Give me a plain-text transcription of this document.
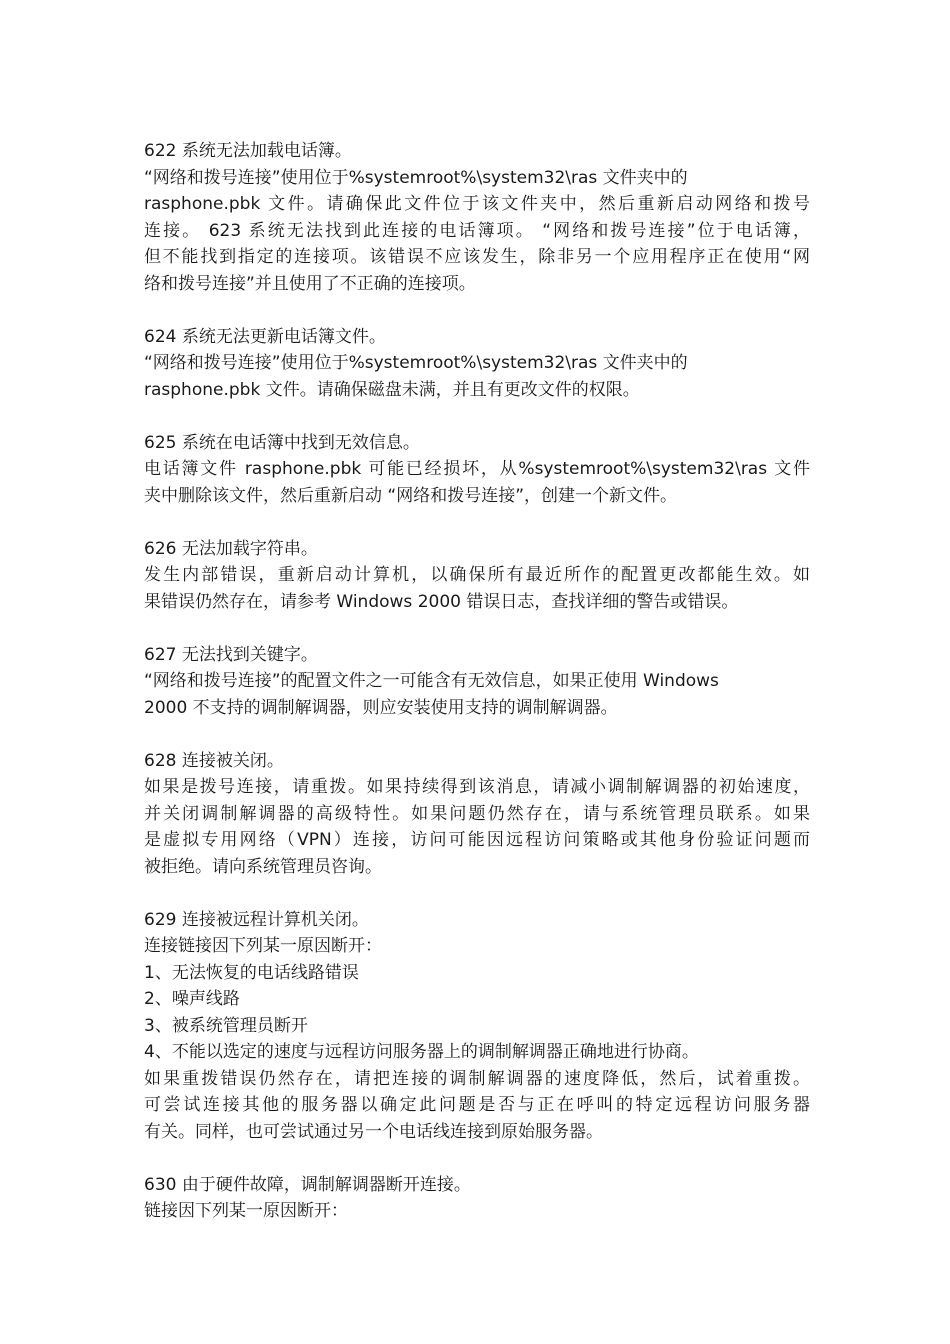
622 系统无法加载电话簿。
“网络和拨号连接”使用位于%systemroot%\system32\ras 文件夹中的
rasphone.pbk 文件。请确保此文件位于该文件夹中，然后重新启动网络和拨号
连接。 623 系统无法找到此连接的电话簿项。 “网络和拨号连接”位于电话簿，
但不能找到指定的连接项。该错误不应该发生，除非另一个应用程序正在使用“网
络和拨号连接”并且使用了不正确的连接项。
624 系统无法更新电话簿文件。
“网络和拨号连接”使用位于%systemroot%\system32\ras 文件夹中的
rasphone.pbk 文件。请确保磁盘未满，并且有更改文件的权限。
625 系统在电话簿中找到无效信息。
电话簿文件 rasphone.pbk 可能已经损坏，从%systemroot%\system32\ras 文件
夹中删除该文件，然后重新启动 “网络和拨号连接”，创建一个新文件。
626 无法加载字符串。
发生内部错误，重新启动计算机，以确保所有最近所作的配置更改都能生效。如
果错误仍然存在，请参考 Windows 2000 错误日志，查找详细的警告或错误。
627 无法找到关键字。
“网络和拨号连接”的配置文件之一可能含有无效信息，如果正使用 Windows
2000 不支持的调制解调器，则应安装使用支持的调制解调器。
628 连接被关闭。
如果是拨号连接，请重拨。如果持续得到该消息，请减小调制解调器的初始速度，
并关闭调制解调器的高级特性。如果问题仍然存在，请与系统管理员联系。如果
是虚拟专用网络（VPN）连接，访问可能因远程访问策略或其他身份验证问题而
被拒绝。请向系统管理员咨询。
629 连接被远程计算机关闭。
连接链接因下列某一原因断开：
1、无法恢复的电话线路错误
2、噪声线路
3、被系统管理员断开
4、不能以选定的速度与远程访问服务器上的调制解调器正确地进行协商。
如果重拨错误仍然存在，请把连接的调制解调器的速度降低，然后，试着重拨。
可尝试连接其他的服务器以确定此问题是否与正在呼叫的特定远程访问服务器
有关。同样，也可尝试通过另一个电话线连接到原始服务器。
630 由于硬件故障，调制解调器断开连接。
链接因下列某一原因断开：
